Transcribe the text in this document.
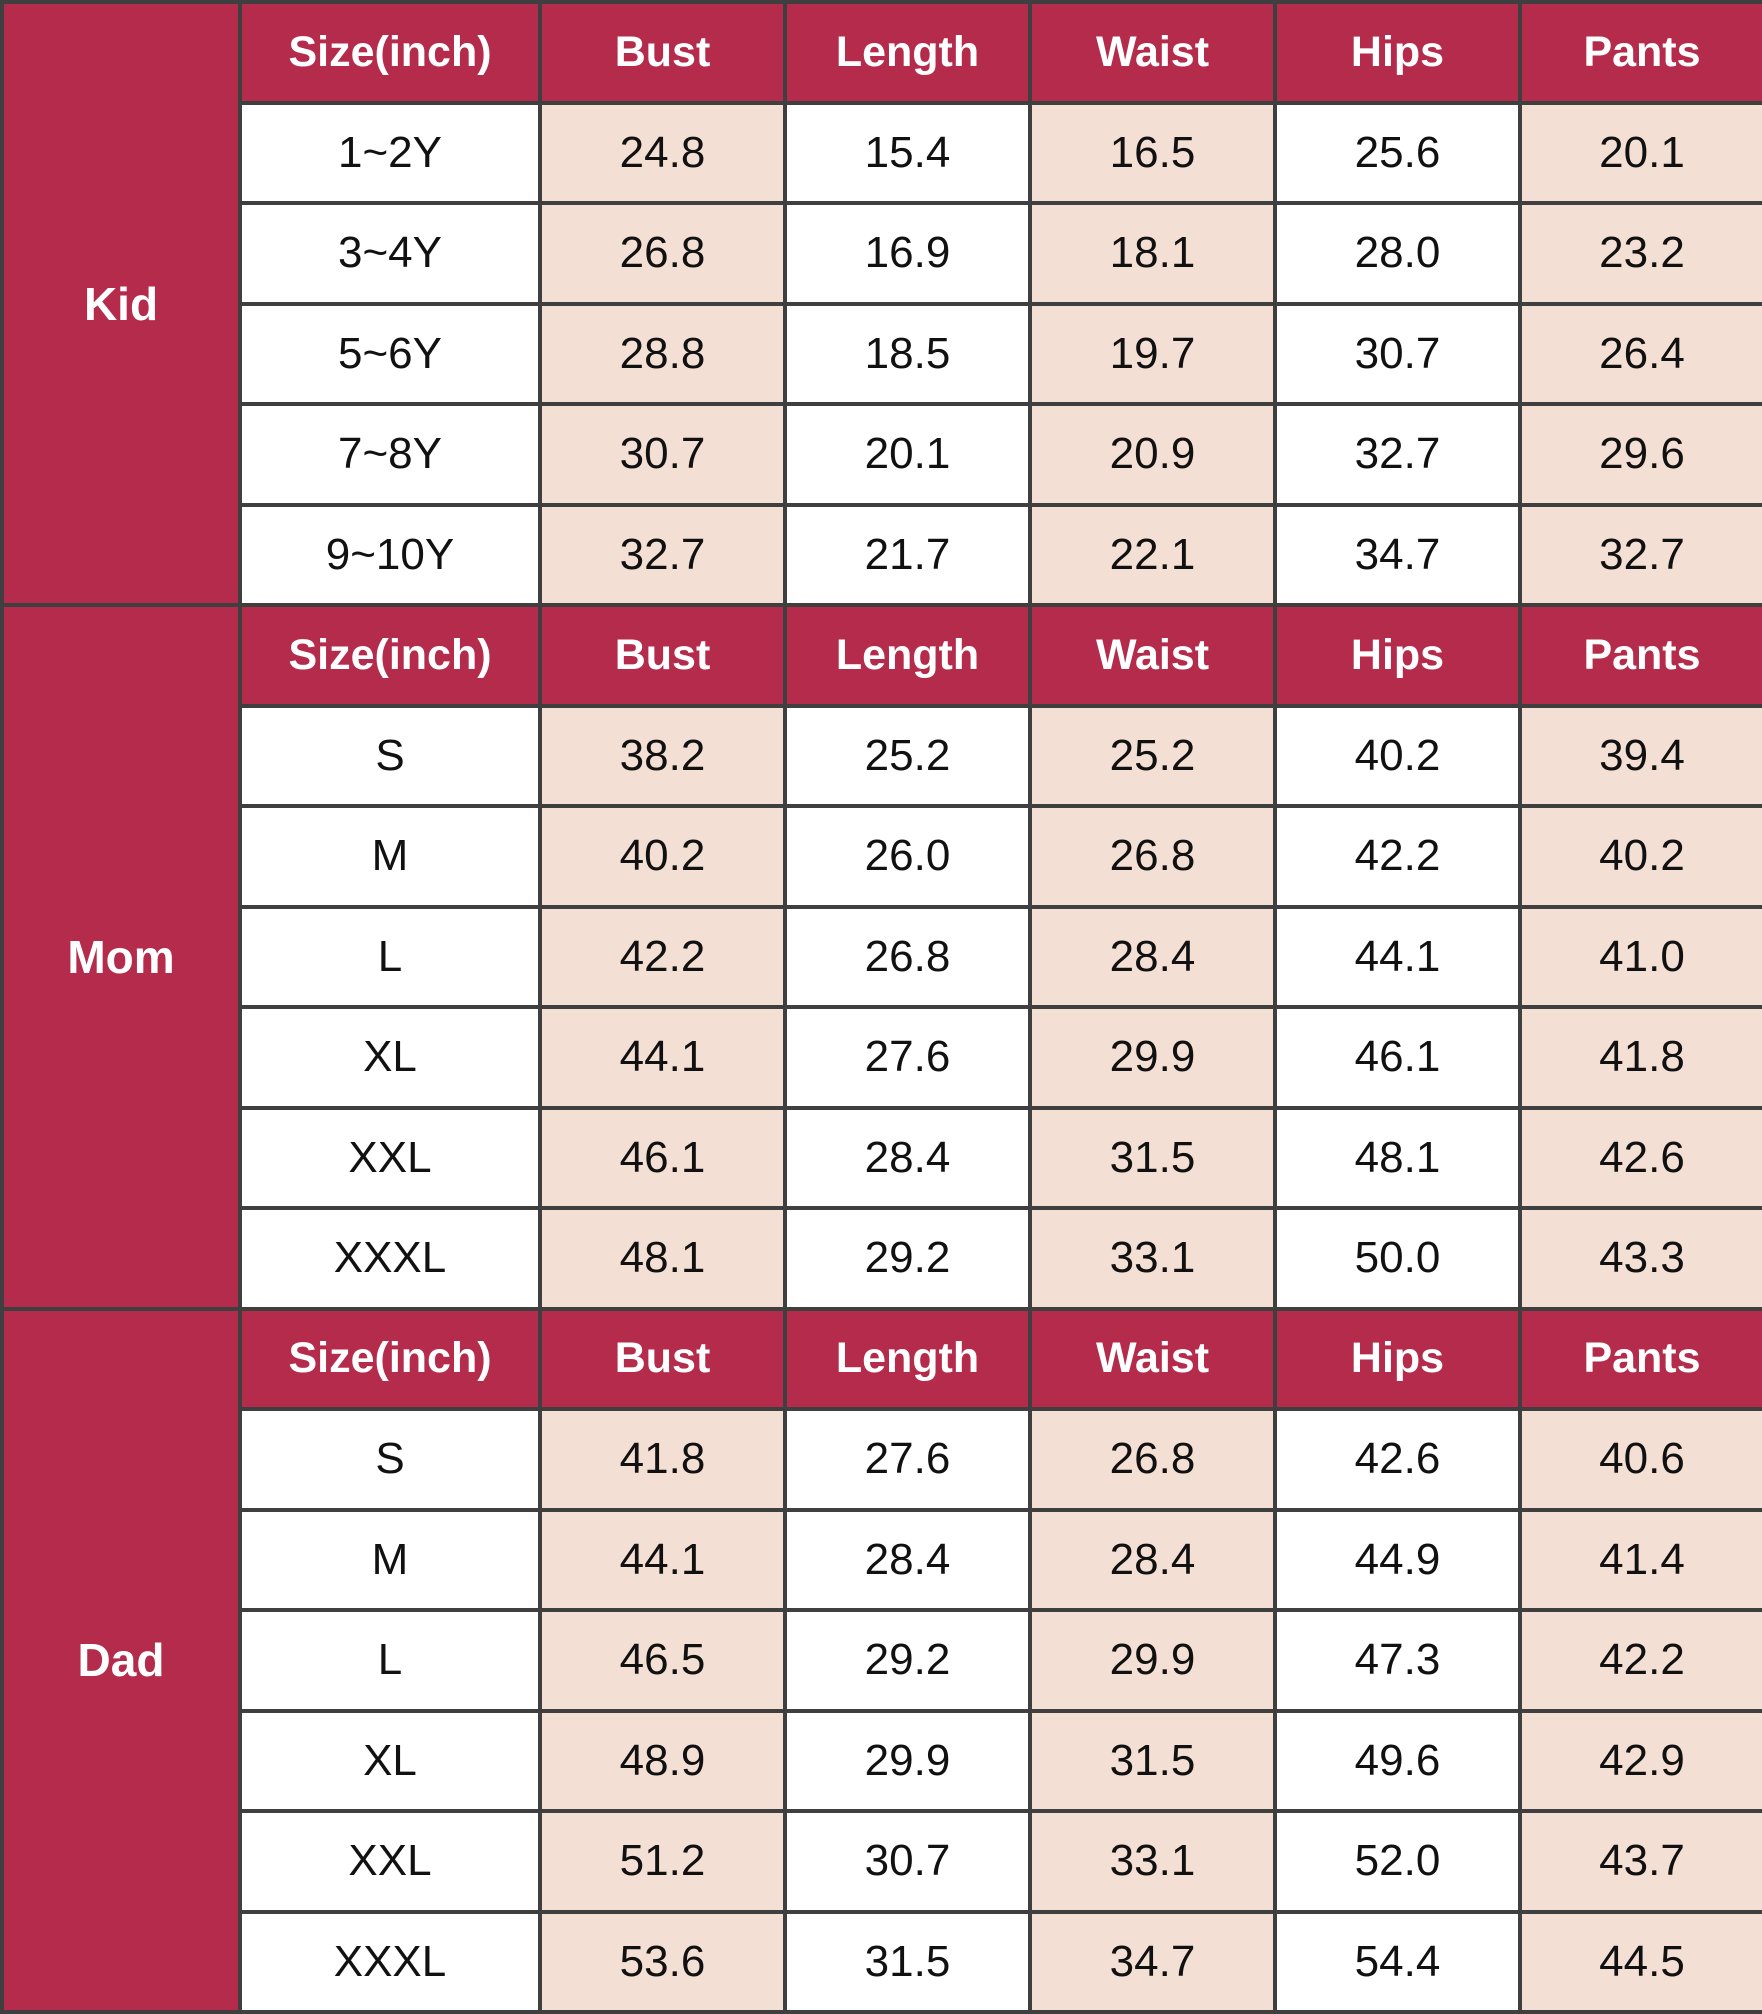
Kid	Size(inch)	Bust	Length	Waist	Hips	Pants
	1~2Y	24.8	15.4	16.5	25.6	20.1
	3~4Y	26.8	16.9	18.1	28.0	23.2
	5~6Y	28.8	18.5	19.7	30.7	26.4
	7~8Y	30.7	20.1	20.9	32.7	29.6
	9~10Y	32.7	21.7	22.1	34.7	32.7
Mom	Size(inch)	Bust	Length	Waist	Hips	Pants
	S	38.2	25.2	25.2	40.2	39.4
	M	40.2	26.0	26.8	42.2	40.2
	L	42.2	26.8	28.4	44.1	41.0
	XL	44.1	27.6	29.9	46.1	41.8
	XXL	46.1	28.4	31.5	48.1	42.6
	XXXL	48.1	29.2	33.1	50.0	43.3
Dad	Size(inch)	Bust	Length	Waist	Hips	Pants
	S	41.8	27.6	26.8	42.6	40.6
	M	44.1	28.4	28.4	44.9	41.4
	L	46.5	29.2	29.9	47.3	42.2
	XL	48.9	29.9	31.5	49.6	42.9
	XXL	51.2	30.7	33.1	52.0	43.7
	XXXL	53.6	31.5	34.7	54.4	44.5
